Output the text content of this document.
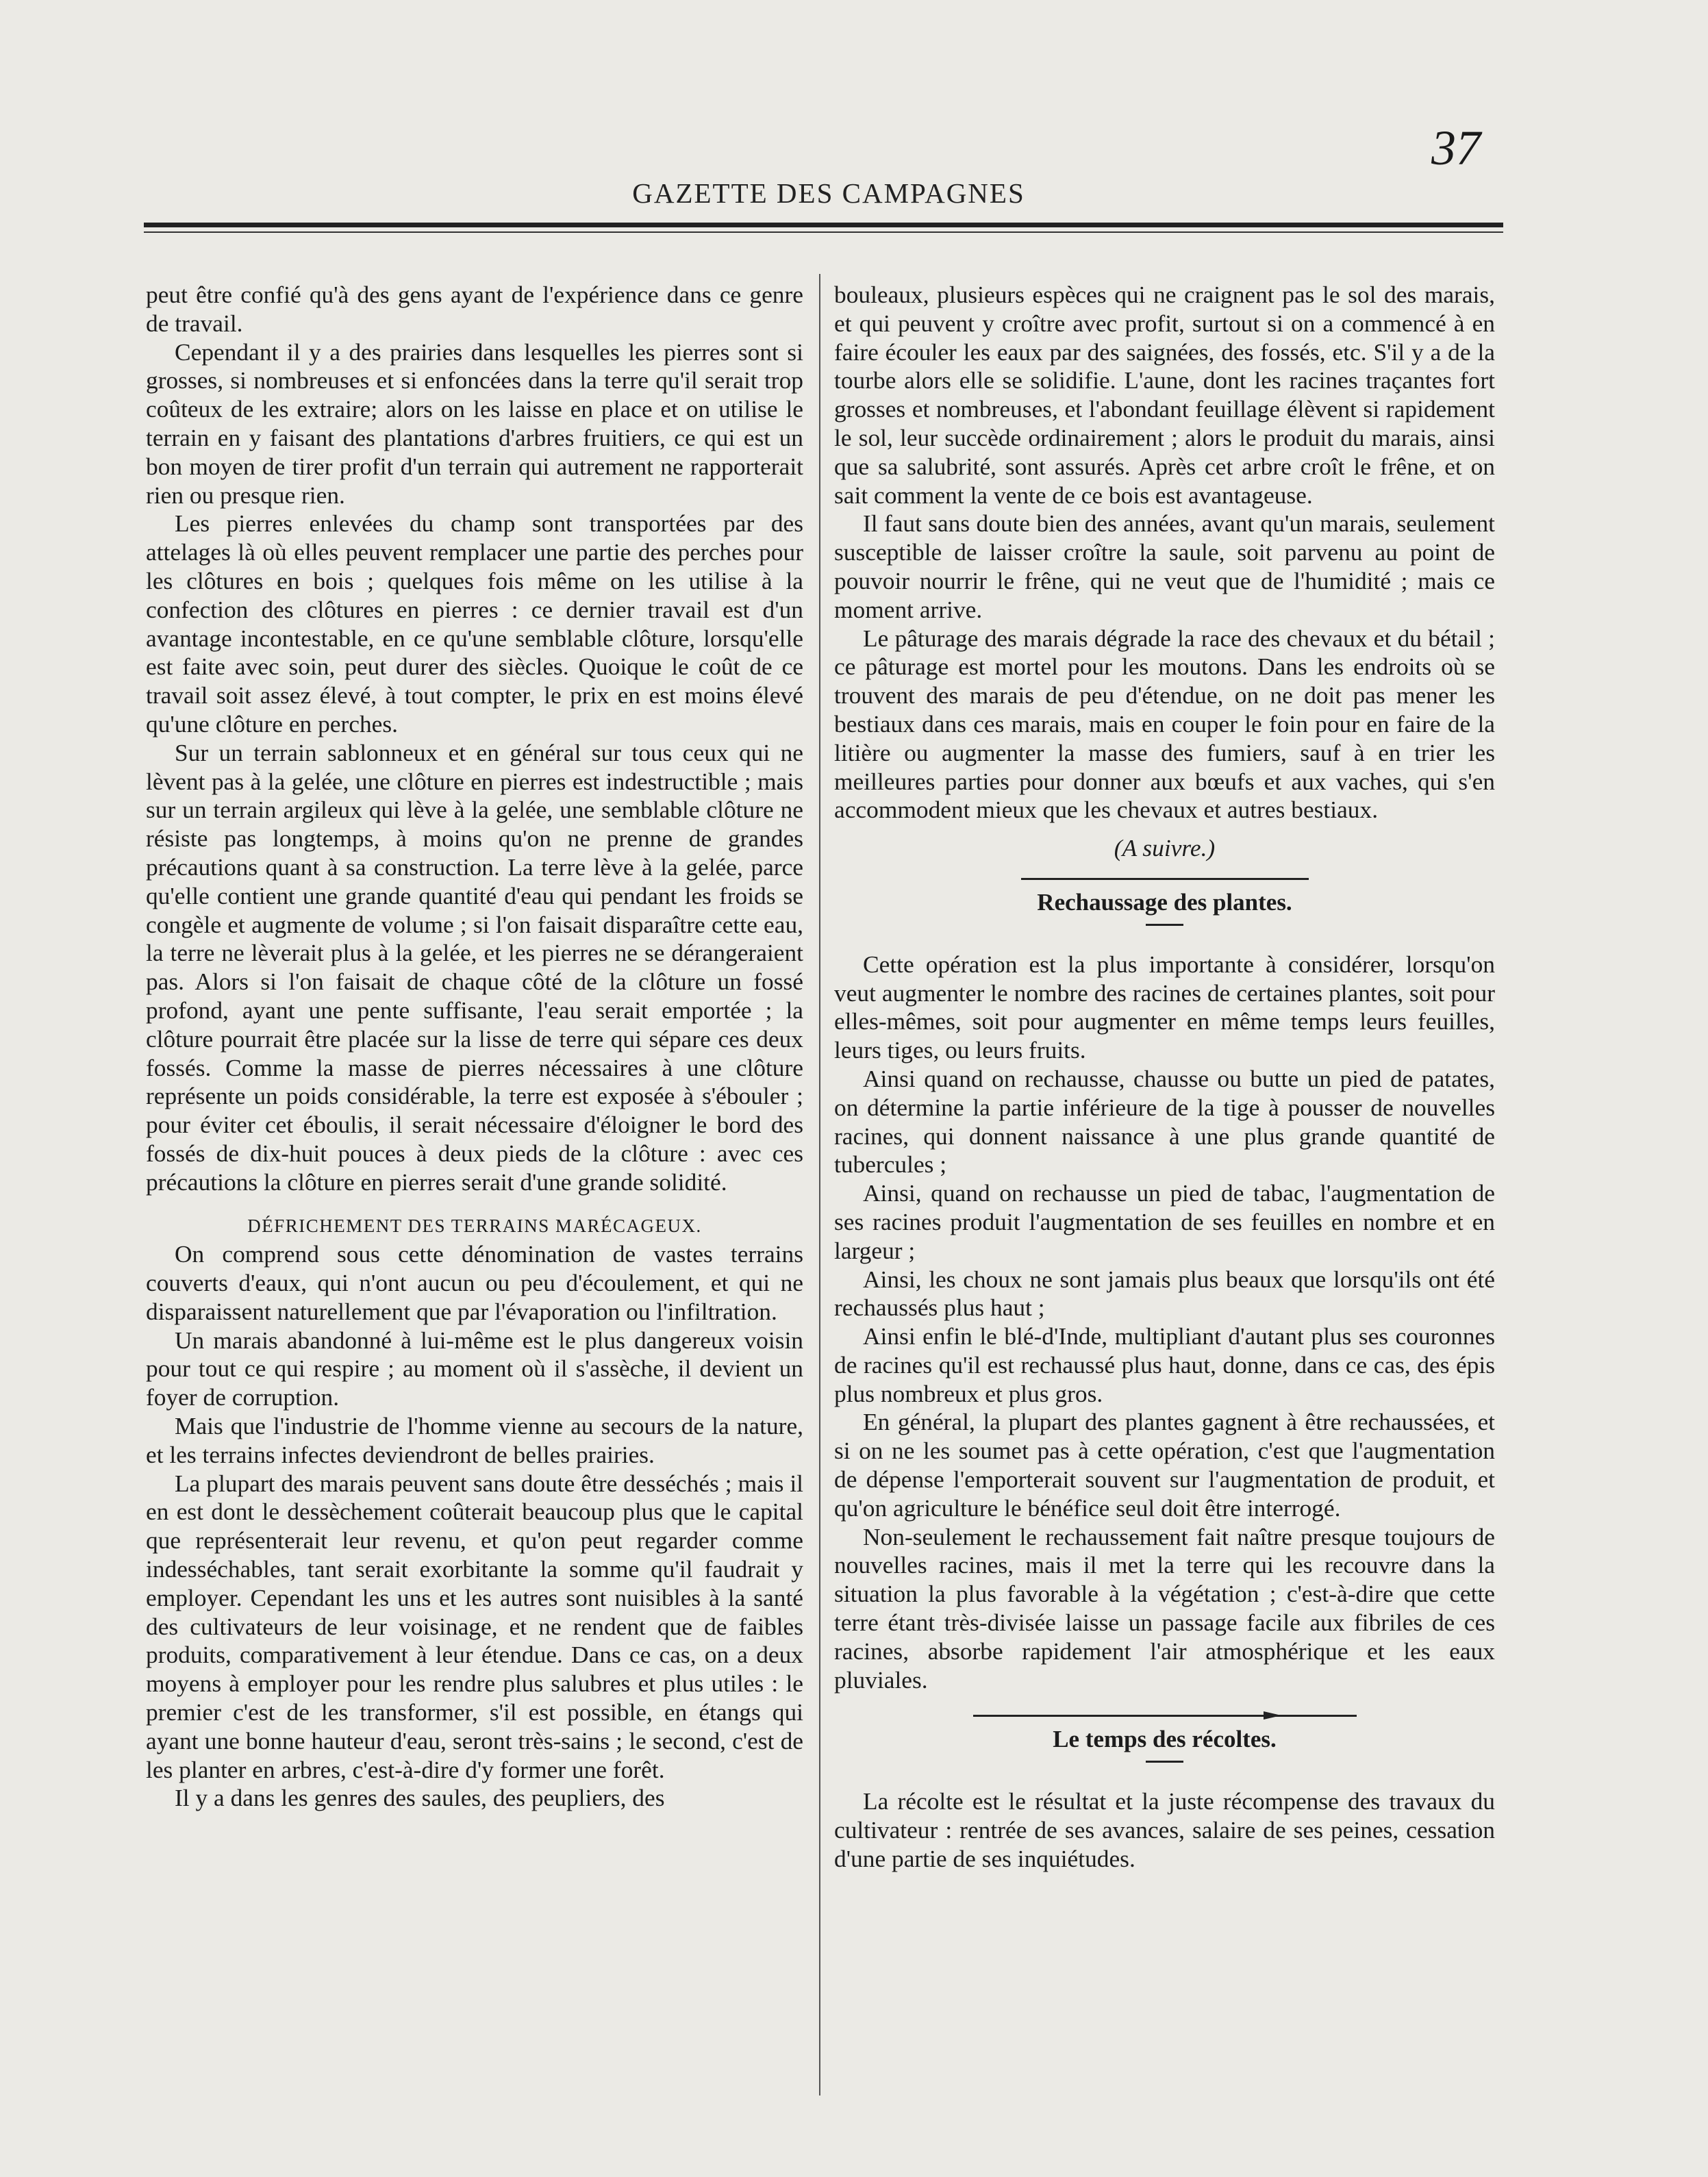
37
GAZETTE DES CAMPAGNES

peut être confié qu'à des gens ayant de l'expérience dans ce genre de travail.

Cependant il y a des prairies dans lesquelles les pierres sont si grosses, si nombreuses et si enfoncées dans la terre qu'il serait trop coûteux de les extraire; alors on les laisse en place et on utilise le terrain en y faisant des plantations d'arbres fruitiers, ce qui est un bon moyen de tirer profit d'un terrain qui autrement ne rapporterait rien ou presque rien.

Les pierres enlevées du champ sont transportées par des attelages là où elles peuvent remplacer une partie des perches pour les clôtures en bois ; quelques fois même on les utilise à la confection des clôtures en pierres : ce dernier travail est d'un avantage incontestable, en ce qu'une semblable clôture, lorsqu'elle est faite avec soin, peut durer des siècles. Quoique le coût de ce travail soit assez élevé, à tout compter, le prix en est moins élevé qu'une clôture en perches.

Sur un terrain sablonneux et en général sur tous ceux qui ne lèvent pas à la gelée, une clôture en pierres est indestructible ; mais sur un terrain argileux qui lève à la gelée, une semblable clôture ne résiste pas longtemps, à moins qu'on ne prenne de grandes précautions quant à sa construction. La terre lève à la gelée, parce qu'elle contient une grande quantité d'eau qui pendant les froids se congèle et augmente de volume ; si l'on faisait disparaître cette eau, la terre ne lèverait plus à la gelée, et les pierres ne se dérangeraient pas. Alors si l'on faisait de chaque côté de la clôture un fossé profond, ayant une pente suffisante, l'eau serait emportée ; la clôture pourrait être placée sur la lisse de terre qui sépare ces deux fossés. Comme la masse de pierres nécessaires à une clôture représente un poids considérable, la terre est exposée à s'ébouler ; pour éviter cet éboulis, il serait nécessaire d'éloigner le bord des fossés de dix-huit pouces à deux pieds de la clôture : avec ces précautions la clôture en pierres serait d'une grande solidité.

DÉFRICHEMENT DES TERRAINS MARÉCAGEUX.

On comprend sous cette dénomination de vastes terrains couverts d'eaux, qui n'ont aucun ou peu d'écoulement, et qui ne disparaissent naturellement que par l'évaporation ou l'infiltration.

Un marais abandonné à lui-même est le plus dangereux voisin pour tout ce qui respire ; au moment où il s'assèche, il devient un foyer de corruption.

Mais que l'industrie de l'homme vienne au secours de la nature, et les terrains infectes deviendront de belles prairies.

La plupart des marais peuvent sans doute être desséchés ; mais il en est dont le dessèchement coûterait beaucoup plus que le capital que représenterait leur revenu, et qu'on peut regarder comme indesséchables, tant serait exorbitante la somme qu'il faudrait y employer. Cependant les uns et les autres sont nuisibles à la santé des cultivateurs de leur voisinage, et ne rendent que de faibles produits, comparativement à leur étendue. Dans ce cas, on a deux moyens à employer pour les rendre plus salubres et plus utiles : le premier c'est de les transformer, s'il est possible, en étangs qui ayant une bonne hauteur d'eau, seront très-sains ; le second, c'est de les planter en arbres, c'est-à-dire d'y former une forêt.

Il y a dans les genres des saules, des peupliers, des

bouleaux, plusieurs espèces qui ne craignent pas le sol des marais, et qui peuvent y croître avec profit, surtout si on a commencé à en faire écouler les eaux par des saignées, des fossés, etc. S'il y a de la tourbe alors elle se solidifie. L'aune, dont les racines traçantes fort grosses et nombreuses, et l'abondant feuillage élèvent si rapidement le sol, leur succède ordinairement ; alors le produit du marais, ainsi que sa salubrité, sont assurés. Après cet arbre croît le frêne, et on sait comment la vente de ce bois est avantageuse.

Il faut sans doute bien des années, avant qu'un marais, seulement susceptible de laisser croître la saule, soit parvenu au point de pouvoir nourrir le frêne, qui ne veut que de l'humidité ; mais ce moment arrive.

Le pâturage des marais dégrade la race des chevaux et du bétail ; ce pâturage est mortel pour les moutons. Dans les endroits où se trouvent des marais de peu d'étendue, on ne doit pas mener les bestiaux dans ces marais, mais en couper le foin pour en faire de la litière ou augmenter la masse des fumiers, sauf à en trier les meilleures parties pour donner aux bœufs et aux vaches, qui s'en accommodent mieux que les chevaux et autres bestiaux.

(A suivre.)
Rechaussage des plantes.

Cette opération est la plus importante à considérer, lorsqu'on veut augmenter le nombre des racines de certaines plantes, soit pour elles-mêmes, soit pour augmenter en même temps leurs feuilles, leurs tiges, ou leurs fruits.

Ainsi quand on rechausse, chausse ou butte un pied de patates, on détermine la partie inférieure de la tige à pousser de nouvelles racines, qui donnent naissance à une plus grande quantité de tubercules ;

Ainsi, quand on rechausse un pied de tabac, l'augmentation de ses racines produit l'augmentation de ses feuilles en nombre et en largeur ;

Ainsi, les choux ne sont jamais plus beaux que lorsqu'ils ont été rechaussés plus haut ;

Ainsi enfin le blé-d'Inde, multipliant d'autant plus ses couronnes de racines qu'il est rechaussé plus haut, donne, dans ce cas, des épis plus nombreux et plus gros.

En général, la plupart des plantes gagnent à être rechaussées, et si on ne les soumet pas à cette opération, c'est que l'augmentation de dépense l'emporterait souvent sur l'augmentation de produit, et qu'on agriculture le bénéfice seul doit être interrogé.

Non-seulement le rechaussement fait naître presque toujours de nouvelles racines, mais il met la terre qui les recouvre dans la situation la plus favorable à la végétation ; c'est-à-dire que cette terre étant très-divisée laisse un passage facile aux fibriles de ces racines, absorbe rapidement l'air atmosphérique et les eaux pluviales.

Le temps des récoltes.

La récolte est le résultat et la juste récompense des travaux du cultivateur : rentrée de ses avances, salaire de ses peines, cessation d'une partie de ses inquiétudes.
